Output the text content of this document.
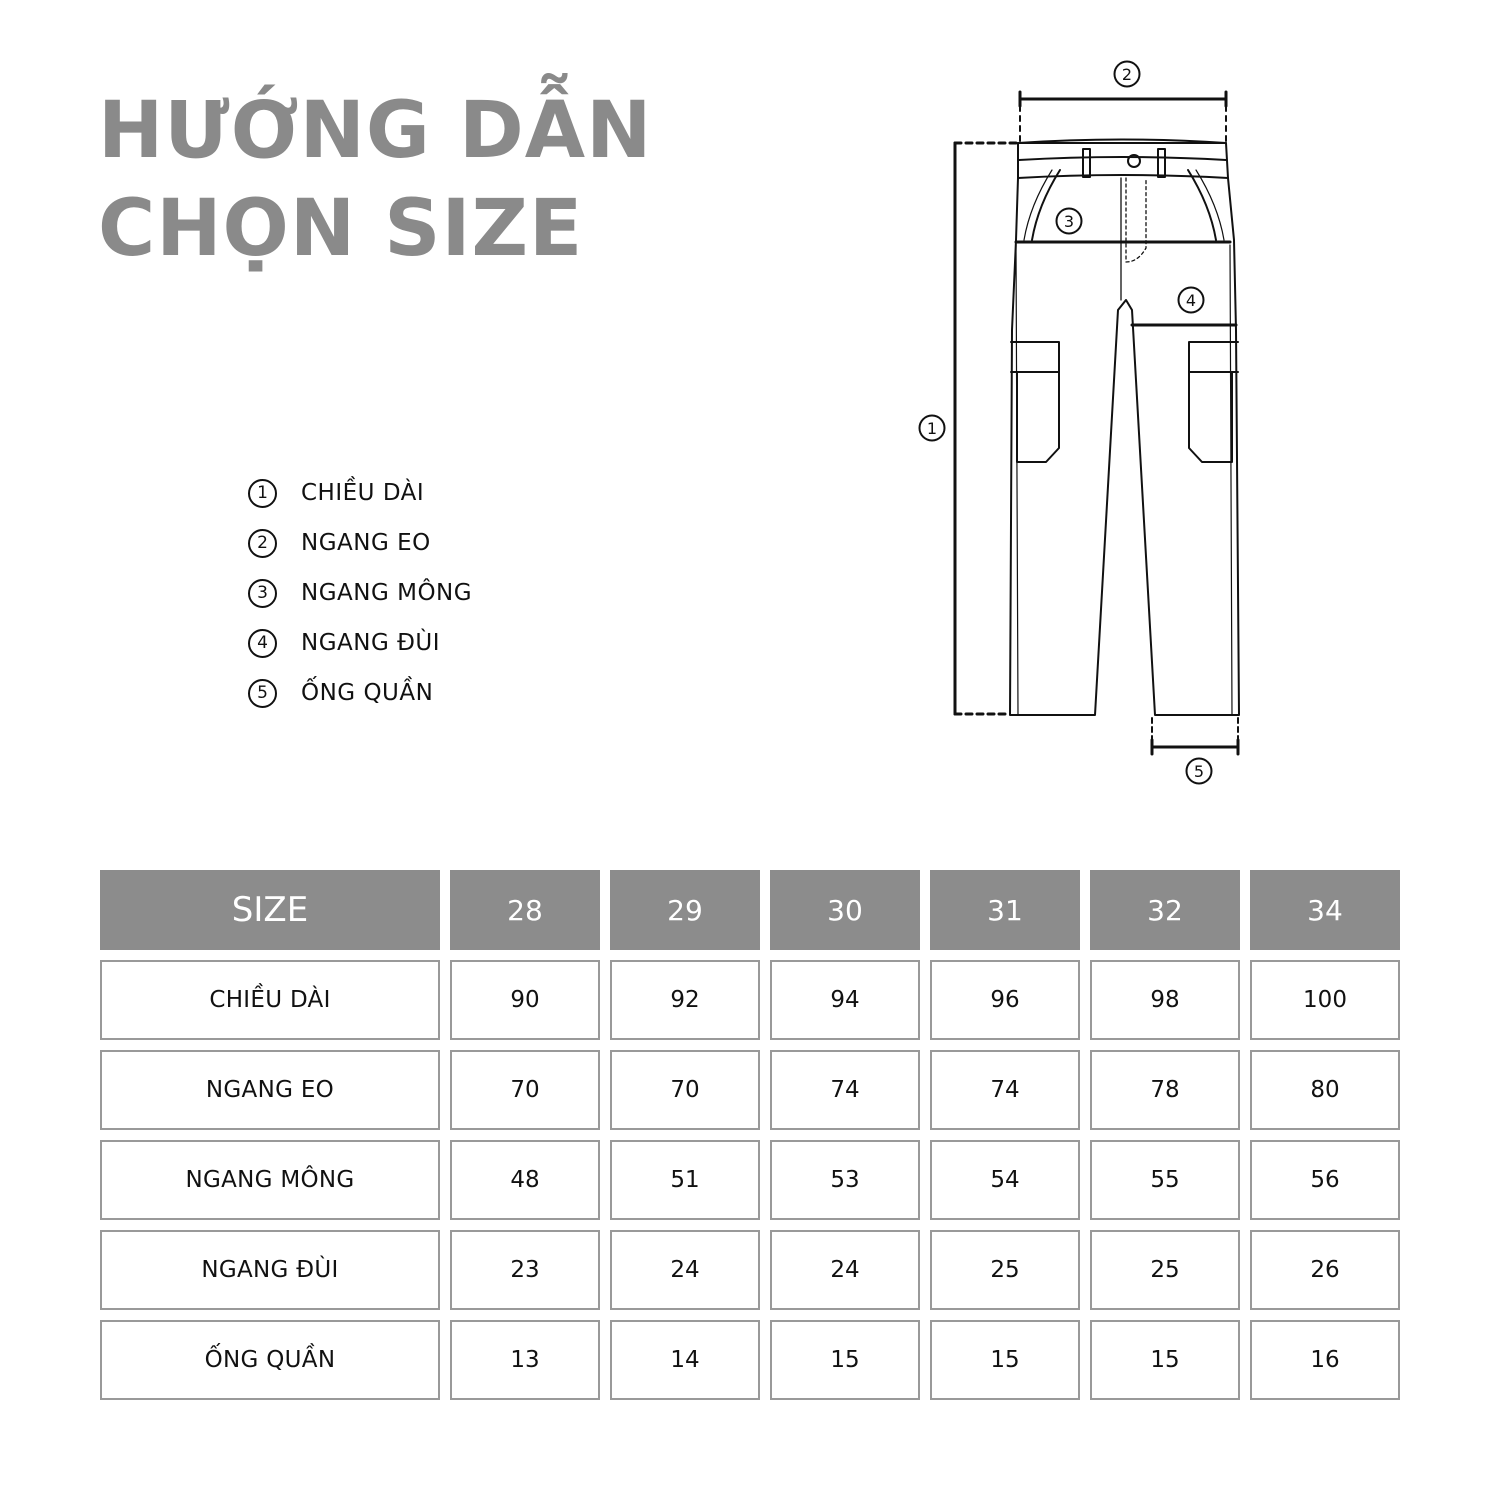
HƯỚNG DẪN
CHỌN SIZE
1	CHIỀU DÀI
2	NGANG EO
3	NGANG MÔNG
4	NGANG ĐÙI
5	ỐNG QUẦN
1
2
3
4
5
SIZE	28	29	30	31	32	34
CHIỀU DÀI	90	92	94	96	98	100
NGANG EO	70	70	74	74	78	80
NGANG MÔNG	48	51	53	54	55	56
NGANG ĐÙI	23	24	24	25	25	26
ỐNG QUẦN	13	14	15	15	15	16
